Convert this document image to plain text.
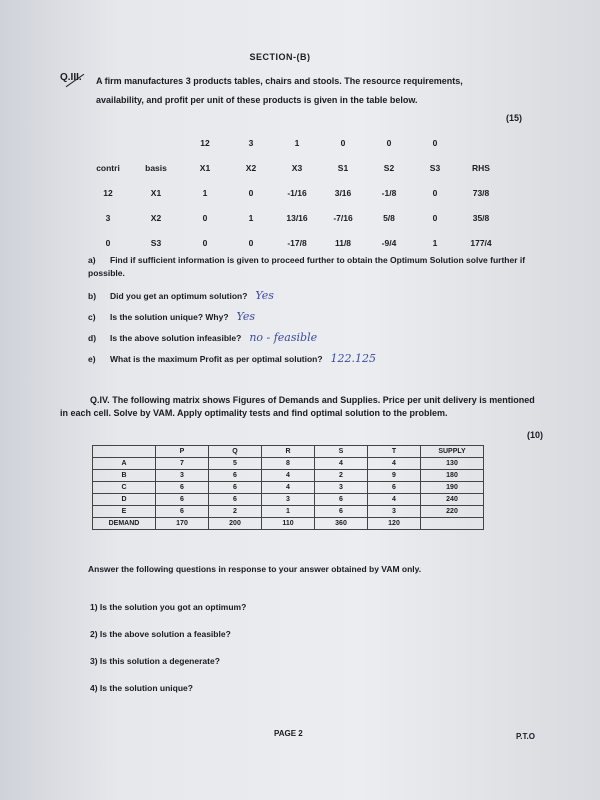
SECTION-(B)
Q.III. A firm manufactures 3 products tables, chairs and stools. The resource requirements, availability, and profit per unit of these products is given in the table below.
(15)
		12	3	1	0	0	0	
contri	basis	X1	X2	X3	S1	S2	S3	RHS
12	X1	1	0	-1/16	3/16	-1/8	0	73/8
3	X2	0	1	13/16	-7/16	5/8	0	35/8
0	S3	0	0	-17/8	11/8	-9/4	1	177/4
a) Find if sufficient information is given to proceed further to obtain the Optimum Solution solve further if possible.
b) Did you get an optimum solution? Yes
c) Is the solution unique? Why? Yes
d) Is the above solution infeasible? no - feasible
e) What is the maximum Profit as per optimal solution? 122.125
Q.IV. The following matrix shows Figures of Demands and Supplies. Price per unit delivery is mentioned in each cell. Solve by VAM. Apply optimality tests and find optimal solution to the problem.
(10)
	P	Q	R	S	T	SUPPLY
A	7	5	8	4	4	130
B	3	6	4	2	9	180
C	6	6	4	3	6	190
D	6	6	3	6	4	240
E	6	2	1	6	3	220
DEMAND	170	200	110	360	120	
Answer the following questions in response to your answer obtained by VAM only.
1) Is the solution you got an optimum?
2) Is the above solution a feasible?
3) Is this solution a degenerate?
4) Is the solution unique?
PAGE 2	P.T.O
